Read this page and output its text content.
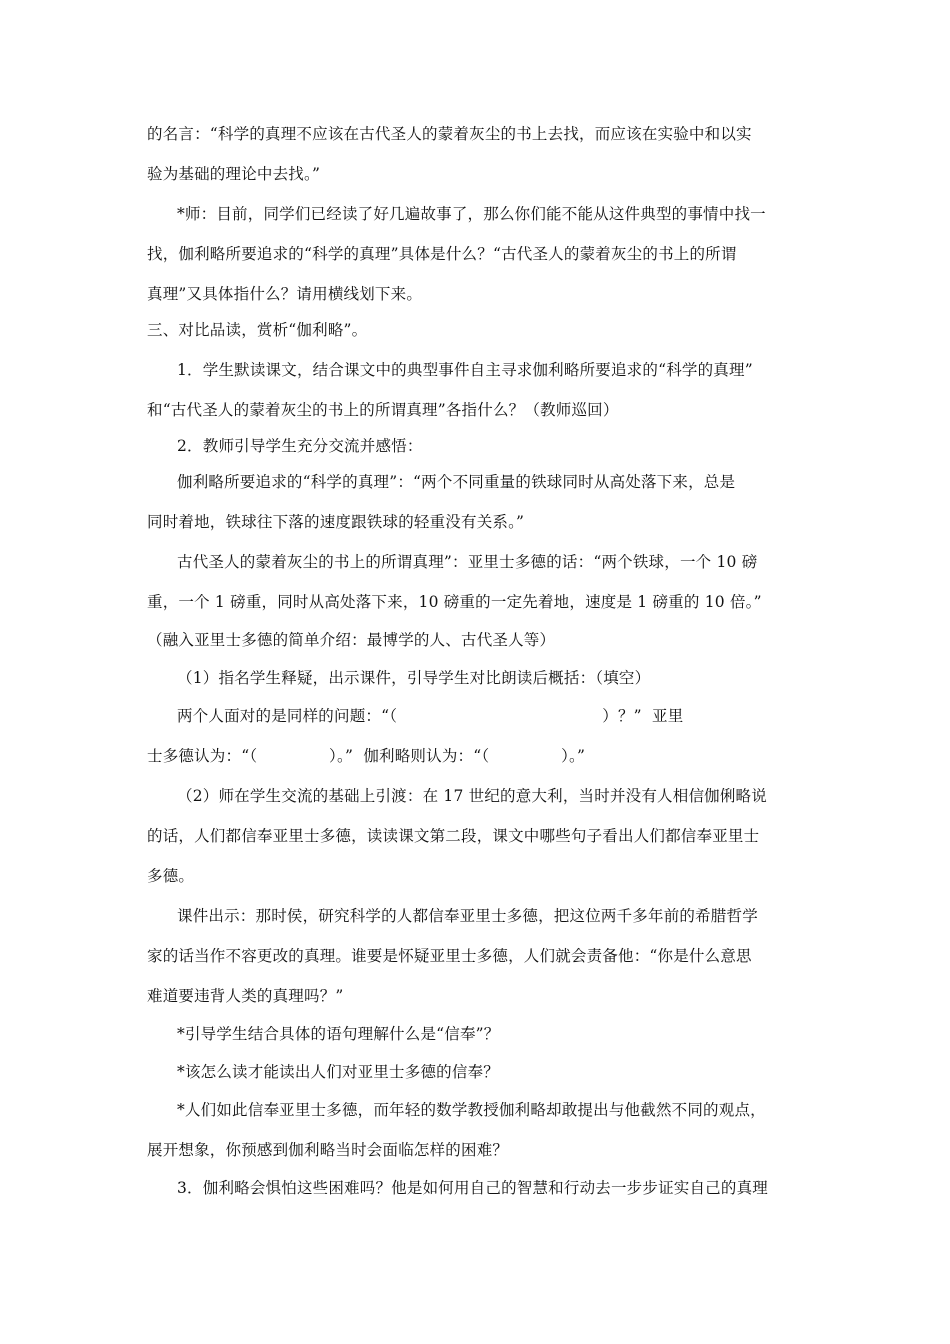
的名言：“科学的真理不应该在古代圣人的蒙着灰尘的书上去找，而应该在实验中和以实
验为基础的理论中去找。”
*师：目前，同学们已经读了好几遍故事了，那么你们能不能从这件典型的事情中找一
找，伽利略所要追求的“科学的真理”具体是什么？“古代圣人的蒙着灰尘的书上的所谓
真理”又具体指什么？请用横线划下来。
三、对比品读，赏析“伽利略”。
1．学生默读课文，结合课文中的典型事件自主寻求伽利略所要追求的“科学的真理”
和“古代圣人的蒙着灰尘的书上的所谓真理”各指什么？（教师巡回）
2．教师引导学生充分交流并感悟：
伽利略所要追求的“科学的真理”：“两个不同重量的铁球同时从高处落下来，总是
同时着地，铁球往下落的速度跟铁球的轻重没有关系。”
古代圣人的蒙着灰尘的书上的所谓真理”：亚里士多德的话：“两个铁球，一个 10 磅
重，一个 1 磅重，同时从高处落下来，10 磅重的一定先着地，速度是 1 磅重的 10 倍。”
（融入亚里士多德的简单介绍：最博学的人、古代圣人等）
（1）指名学生释疑，出示课件，引导学生对比朗读后概括：（填空）
两个人面对的是同样的问题：“（                                        ）？”  亚里
士多德认为：“（              ）。”  伽利略则认为：“（              ）。”
（2）师在学生交流的基础上引渡：在 17 世纪的意大利，当时并没有人相信伽俐略说
的话，人们都信奉亚里士多德，读读课文第二段，课文中哪些句子看出人们都信奉亚里士
多德。
课件出示：那时侯，研究科学的人都信奉亚里士多德，把这位两千多年前的希腊哲学
家的话当作不容更改的真理。谁要是怀疑亚里士多德，人们就会责备他：“你是什么意思
难道要违背人类的真理吗？”
*引导学生结合具体的语句理解什么是“信奉”？
*该怎么读才能读出人们对亚里士多德的信奉？
*人们如此信奉亚里士多德，而年轻的数学教授伽利略却敢提出与他截然不同的观点，
展开想象，你预感到伽利略当时会面临怎样的困难？
3．伽利略会惧怕这些困难吗？他是如何用自己的智慧和行动去一步步证实自己的真理
